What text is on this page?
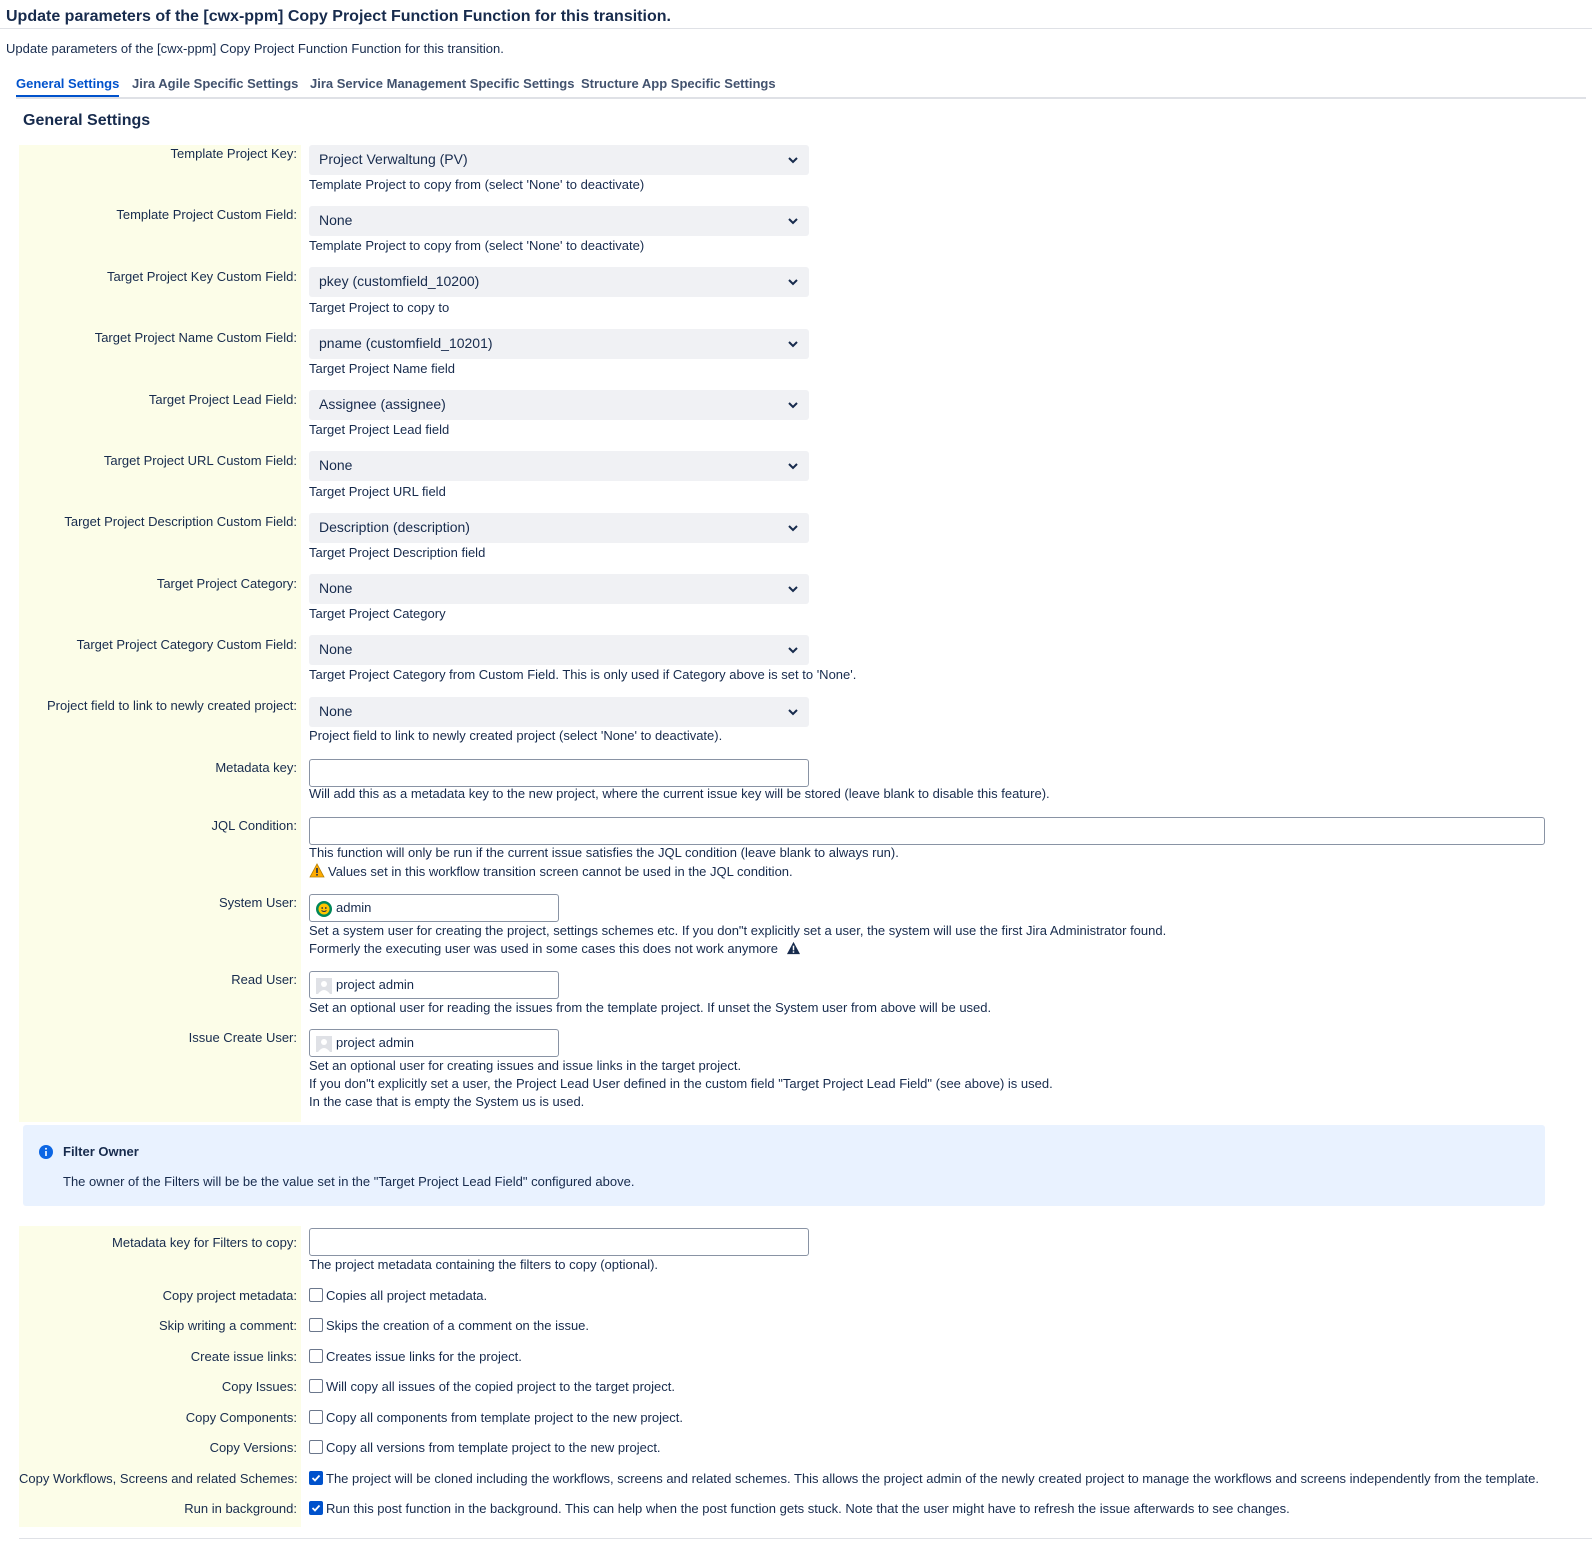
Update parameters of the [cwx-ppm] Copy Project Function Function for this transition.
Update parameters of the [cwx-ppm] Copy Project Function Function for this transition.
General Settings Jira Agile Specific Settings Jira Service Management Specific Settings Structure App Specific Settings
General Settings
Template Project Key:	Project Verwaltung (PV)
Template Project to copy from (select 'None' to deactivate)
Template Project Custom Field:	None
Template Project to copy from (select 'None' to deactivate)
Target Project Key Custom Field:	pkey (customfield_10200)
Target Project to copy to
Target Project Name Custom Field:	pname (customfield_10201)
Target Project Name field
Target Project Lead Field:	Assignee (assignee)
Target Project Lead field
Target Project URL Custom Field:	None
Target Project URL field
Target Project Description Custom Field:	Description (description)
Target Project Description field
Target Project Category:	None
Target Project Category
Target Project Category Custom Field:	None
Target Project Category from Custom Field. This is only used if Category above is set to 'None'.
Project field to link to newly created project:	None
Project field to link to newly created project (select 'None' to deactivate).
Metadata key:
Will add this as a metadata key to the new project, where the current issue key will be stored (leave blank to disable this feature).
JQL Condition:
This function will only be run if the current issue satisfies the JQL condition (leave blank to always run).
Values set in this workflow transition screen cannot be used in the JQL condition.
System User:	admin
Set a system user for creating the project, settings schemes etc. If you don"t explicitly set a user, the system will use the first Jira Administrator found.
Formerly the executing user was used in some cases this does not work anymore
Read User:	project admin
Set an optional user for reading the issues from the template project. If unset the System user from above will be used.
Issue Create User:	project admin
Set an optional user for creating issues and issue links in the target project.
If you don"t explicitly set a user, the Project Lead User defined in the custom field "Target Project Lead Field" (see above) is used.
In the case that is empty the System us is used.
Filter Owner
The owner of the Filters will be be the value set in the "Target Project Lead Field" configured above.
Metadata key for Filters to copy:
The project metadata containing the filters to copy (optional).
Copy project metadata: Copies all project metadata.
Skip writing a comment: Skips the creation of a comment on the issue.
Create issue links: Creates issue links for the project.
Copy Issues: Will copy all issues of the copied project to the target project.
Copy Components: Copy all components from template project to the new project.
Copy Versions: Copy all versions from template project to the new project.
Copy Workflows, Screens and related Schemes: The project will be cloned including the workflows, screens and related schemes. This allows the project admin of the newly created project to manage the workflows and screens independently from the template.
Run in background: Run this post function in the background. This can help when the post function gets stuck. Note that the user might have to refresh the issue afterwards to see changes.
